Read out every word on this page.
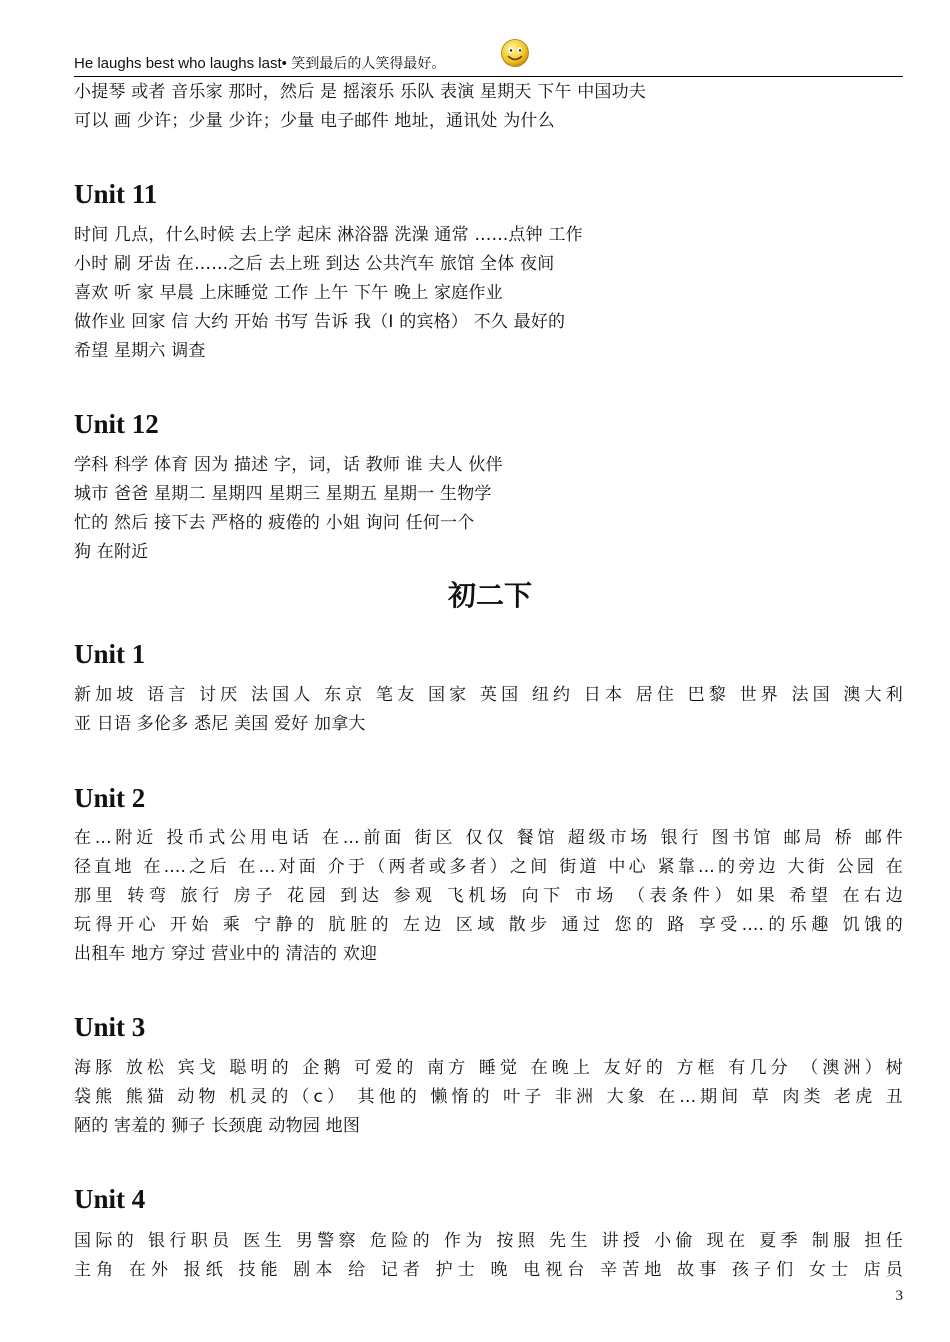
He laughs best who laughs last• 笑到最后的人笑得最好。
小提琴 或者 音乐家 那时，然后 是 摇滚乐 乐队 表演 星期天 下午 中国功夫
可以 画 少许；少量 少许；少量 电子邮件 地址，通讯处 为什么
Unit 11
时间 几点，什么时候 去上学 起床 淋浴器 洗澡 通常 …...点钟 工作
小时 刷 牙齿 在……之后 去上班 到达 公共汽车 旅馆 全体 夜间
喜欢 听 家 早晨 上床睡觉 工作 上午 下午 晚上 家庭作业
做作业 回家 信 大约 开始 书写 告诉 我（I 的宾格） 不久 最好的
希望 星期六 调查
Unit 12
学科 科学 体育 因为 描述 字，词，话 教师 谁 夫人 伙伴
城市 爸爸 星期二 星期四 星期三 星期五 星期一 生物学
忙的 然后 接下去 严格的 疲倦的 小姐 询问 任何一个
狗 在附近
初二下
Unit 1
新加坡 语言 讨厌 法国人 东京 笔友 国家 英国 纽约 日本 居住 巴黎 世界 法国 澳大利
亚 日语 多伦多 悉尼 美国 爱好 加拿大
Unit 2
在...附近 投币式公用电话 在...前面 街区 仅仅 餐馆 超级市场 银行 图书馆 邮局 桥 邮件
径直地 在....之后 在...对面 介于（两者或多者）之间 街道 中心 紧靠...的旁边 大街 公园 在
那里 转弯 旅行 房子 花园 到达 参观 飞机场 向下 市场 （表条件）如果 希望 在右边
玩得开心 开始 乘 宁静的 肮脏的 左边 区域 散步 通过 您的 路 享受....的乐趣 饥饿的
出租车 地方 穿过 营业中的 清洁的 欢迎
Unit 3
海豚 放松 宾戈 聪明的 企鹅 可爱的 南方 睡觉 在晚上 友好的 方框 有几分 （澳洲）树
袋熊 熊猫 动物 机灵的（c） 其他的 懒惰的 叶子 非洲 大象 在...期间 草 肉类 老虎 丑
陋的 害羞的 狮子 长颈鹿 动物园 地图
Unit 4
国际的 银行职员 医生 男警察 危险的 作为 按照 先生 讲授 小偷 现在 夏季 制服 担任
主角 在外 报纸 技能 剧本 给 记者 护士 晚 电视台 辛苦地 故事 孩子们 女士 店员
3
